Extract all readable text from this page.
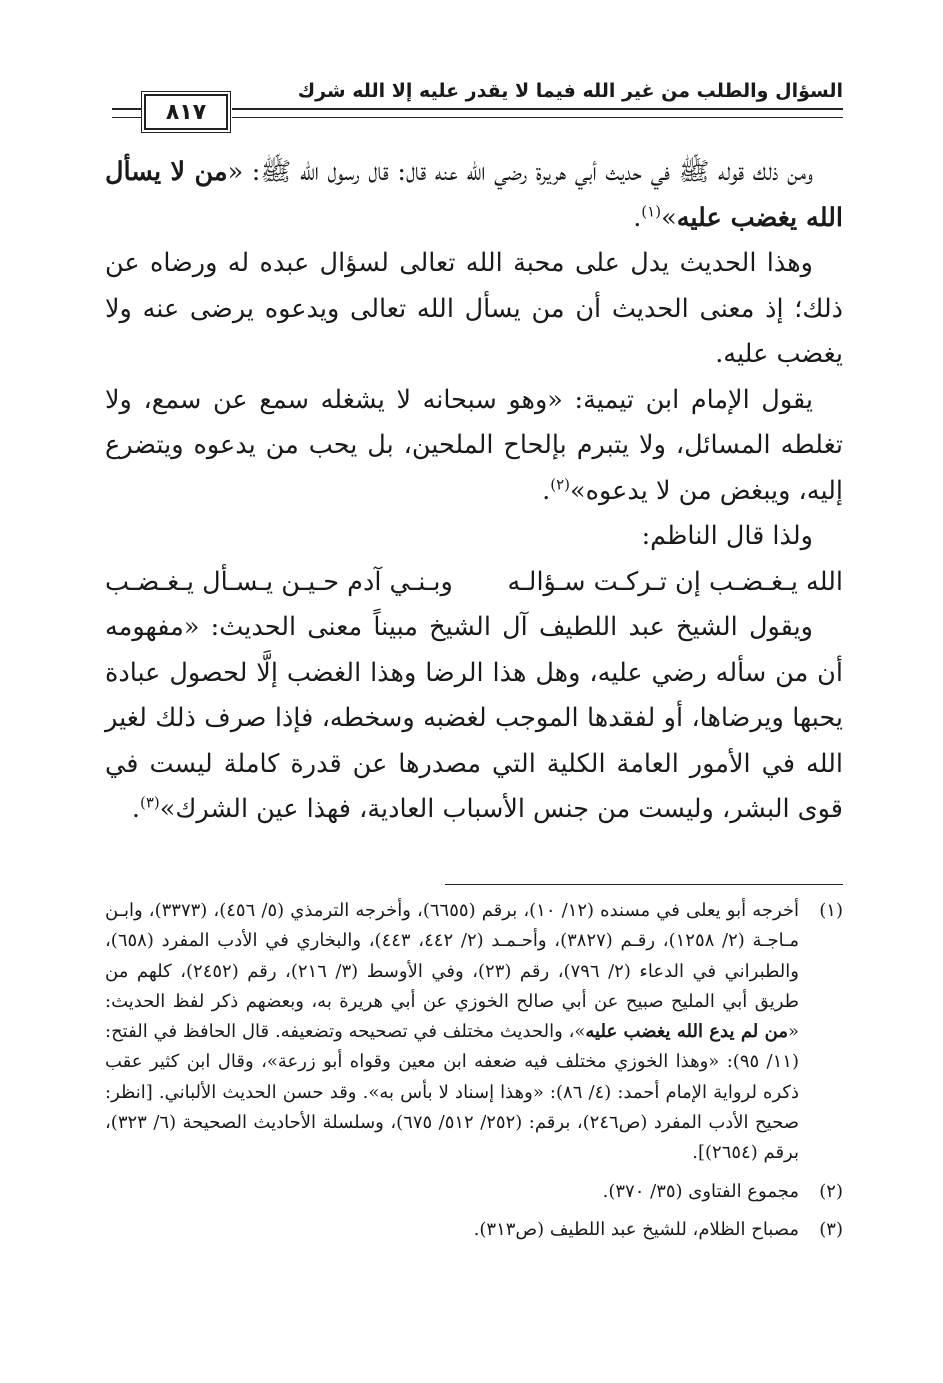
السؤال والطلب من غير الله فيما لا يقدر عليه إلا الله شرك
٨١٧

ومن ذلك قوله ﷺ في حديث أبي هريرة رضي الله عنه قال: قال رسول الله ﷺ: «من لا يسأل الله يغضب عليه»$^{(١)}$.

وهذا الحديث يدل على محبة الله تعالى لسؤال عبده له ورضاه عن ذلك؛ إذ معنى الحديث أن من يسأل الله تعالى ويدعوه يرضى عنه ولا يغضب عليه.

يقول الإمام ابن تيمية: «وهو سبحانه لا يشغله سمع عن سمع، ولا تغلطه المسائل، ولا يتبرم بإلحاح الملحين، بل يحب من يدعوه ويتضرع إليه، ويبغض من لا يدعوه»$^{(٢)}$.

ولذا قال الناظم:

الله يـغـضـب إن تـركـت سـؤالـه
وبـنـي آدم حـيـن يـسـأل يـغـضـب

ويقول الشيخ عبد اللطيف آل الشيخ مبيناً معنى الحديث: «مفهومه أن من سأله رضي عليه، وهل هذا الرضا وهذا الغضب إلَّا لحصول عبادة يحبها ويرضاها، أو لفقدها الموجب لغضبه وسخطه، فإذا صرف ذلك لغير الله في الأمور العامة الكلية التي مصدرها عن قدرة كاملة ليست في قوى البشر، وليست من جنس الأسباب العادية، فهذا عين الشرك»$^{(٣)}$.

(١)
أخرجه أبو يعلى في مسنده (١٢/ ١٠)، برقم (٦٦٥٥)، وأخرجه الترمذي (٥/ ٤٥٦)، (٣٣٧٣)، وابـن مـاجـة (٢/ ١٢٥٨)، رقـم (٣٨٢٧)، وأحـمـد (٢/ ٤٤٢، ٤٤٣)، والبخاري في الأدب المفرد (٦٥٨)، والطبراني في الدعاء (٢/ ٧٩٦)، رقم (٢٣)، وفي الأوسط (٣/ ٢١٦)، رقم (٢٤٥٢)، كلهم من طريق أبي المليح صبيح عن أبي صالح الخوزي عن أبي هريرة به، وبعضهم ذكر لفظ الحديث: «من لم يدع الله يغضب عليه»، والحديث مختلف في تصحيحه وتضعيفه. قال الحافظ في الفتح: (١١/ ٩٥): «وهذا الخوزي مختلف فيه ضعفه ابن معين وقواه أبو زرعة»، وقال ابن كثير عقب ذكره لرواية الإمام أحمد: (٤/ ٨٦): «وهذا إسناد لا بأس به». وقد حسن الحديث الألباني. [انظر: صحيح الأدب المفرد (ص٢٤٦)، برقم: (٢٥٢/ ٥١٢/ ٦٧٥)، وسلسلة الأحاديث الصحيحة (٦/ ٣٢٣)، برقم (٢٦٥٤)].
(٢)
مجموع الفتاوى (٣٥/ ٣٧٠).
(٣)
مصباح الظلام، للشيخ عبد اللطيف (ص٣١٣).
